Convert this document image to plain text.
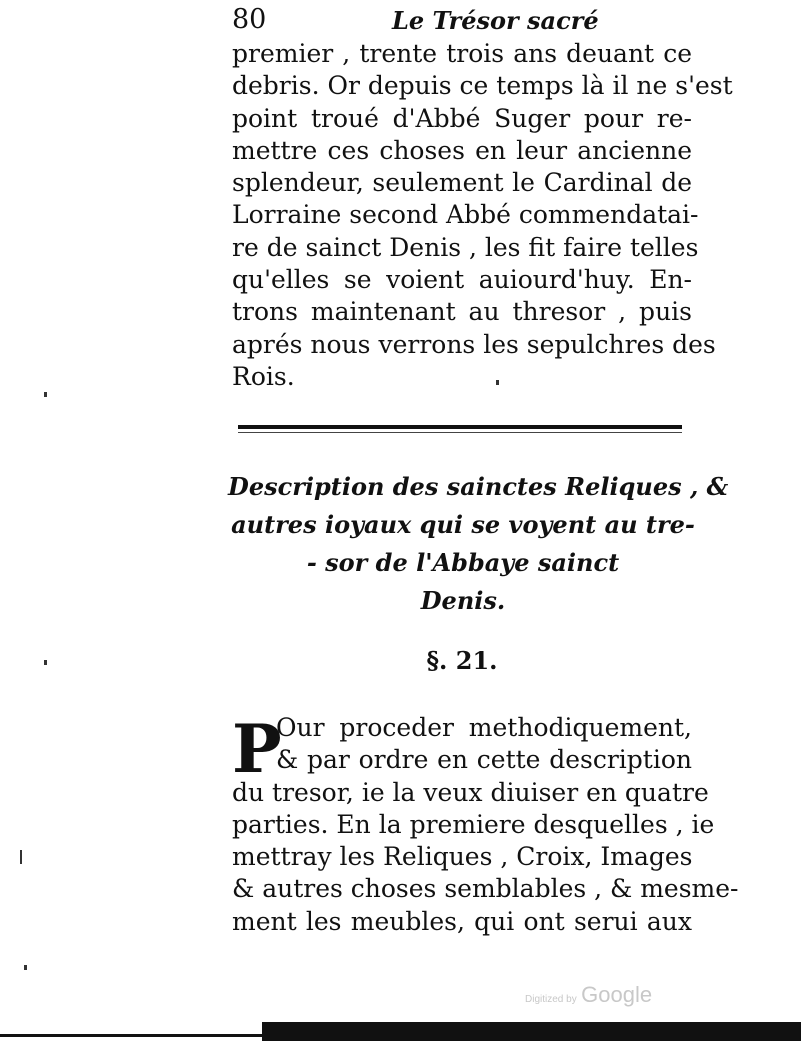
80	Le Trésor sacré
premier , trente trois ans deuant ce
debris. Or depuis ce temps là il ne s'est
point troué d'Abbé Suger pour re-
mettre ces choses en leur ancienne
splendeur, seulement le Cardinal de
Lorraine second Abbé commendatai-
re de sainct Denis , les fit faire telles
qu'elles se voient auiourd'huy. En-
trons maintenant au thresor , puis
aprés nous verrons les sepulchres des
Rois.
Description des sainctes Reliques , &
autres ioyaux qui se voyent au tre-
- sor de l'Abbaye sainct
Denis.
§. 21.
P
Our proceder methodiquement,
& par ordre en cette description
du tresor, ie la veux diuiser en quatre
parties. En la premiere desquelles , ie
mettray les Reliques , Croix, Images
& autres choses semblables , & mesme-
ment les meubles, qui ont serui aux
Digitized by Google
